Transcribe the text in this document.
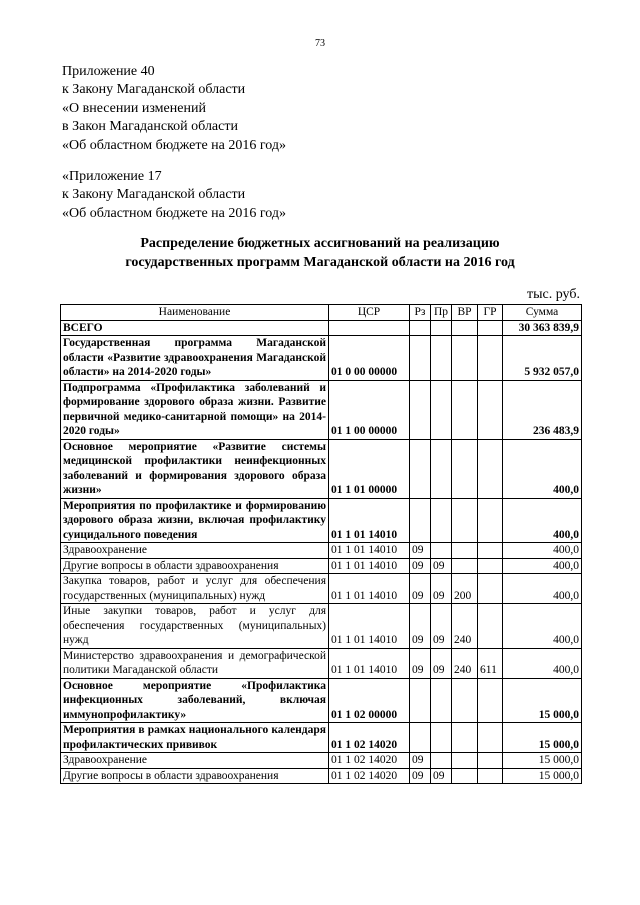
73
Приложение 40
к Закону Магаданской области
«О внесении изменений
в Закон Магаданской области
«Об областном бюджете на 2016 год»
«Приложение 17
к Закону Магаданской области
«Об областном бюджете на 2016 год»
Распределение бюджетных ассигнований на реализацию
государственных программ Магаданской области на 2016 год
тыс. руб.
Наименование	ЦСР	Рз	Пр	ВР	ГР	Сумма
ВСЕГО						30 363 839,9
Государственная программа Магаданской области «Развитие здравоохранения Магаданской области» на 2014-2020 годы»	01 0 00 00000					5 932 057,0
Подпрограмма «Профилактика заболеваний и формирование здорового образа жизни. Развитие первичной медико-санитарной помощи» на 2014-2020 годы»	01 1 00 00000					236 483,9
Основное мероприятие «Развитие системы медицинской профилактики неинфекционных заболеваний и формирования здорового образа жизни»	01 1 01 00000					400,0
Мероприятия по профилактике и формированию здорового образа жизни, включая профилактику суицидального поведения	01 1 01 14010					400,0
Здравоохранение	01 1 01 14010	09				400,0
Другие вопросы в области здравоохранения	01 1 01 14010	09	09			400,0
Закупка товаров, работ и услуг для обеспечения государственных (муниципальных) нужд	01 1 01 14010	09	09	200		400,0
Иные закупки товаров, работ и услуг для обеспечения государственных (муниципальных) нужд	01 1 01 14010	09	09	240		400,0
Министерство здравоохранения и демографической политики Магаданской области	01 1 01 14010	09	09	240	611	400,0
Основное мероприятие «Профилактика инфекционных заболеваний, включая иммунопрофилактику»	01 1 02 00000					15 000,0
Мероприятия в рамках национального календаря профилактических прививок	01 1 02 14020					15 000,0
Здравоохранение	01 1 02 14020	09				15 000,0
Другие вопросы в области здравоохранения	01 1 02 14020	09	09			15 000,0
